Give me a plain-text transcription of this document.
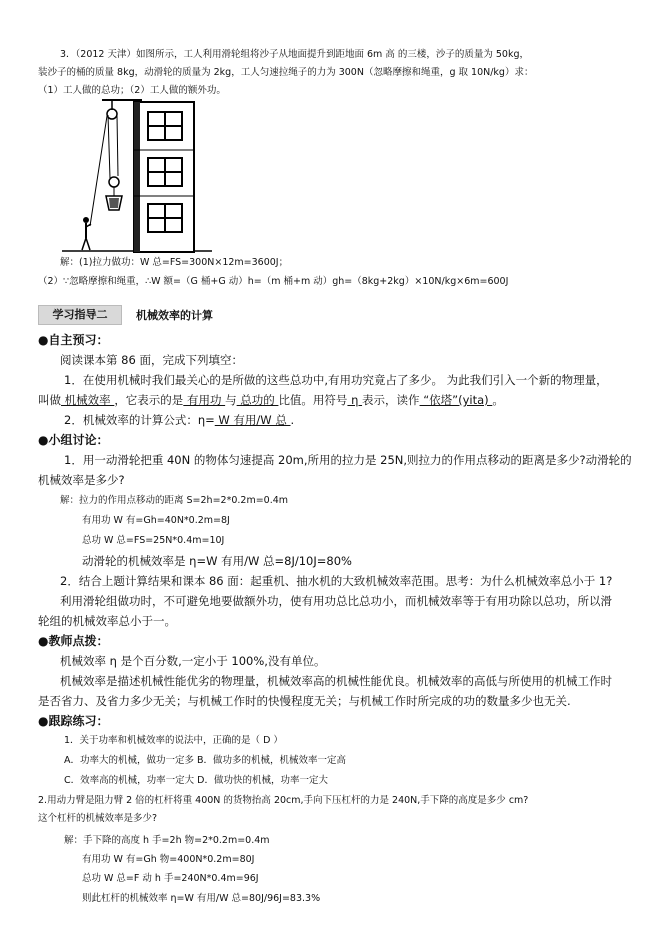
3．（2012 天津）如图所示，工人利用滑轮组将沙子从地面提升到距地面 6m 高 的三楼，沙子的质量为 50kg，
装沙子的桶的质量 8kg，动滑轮的质量为 2kg，工人匀速拉绳子的力为 300N（忽略摩擦和绳重，g 取 10N/kg）求：
（1）工人做的总功；（2）工人做的额外功。
解：(1)拉力做功：W 总=FS=300N×12m=3600J；
（2）∵忽略摩擦和绳重，∴W 额=（G 桶+G 动）h=（m 桶+m 动）gh=（8kg+2kg）×10N/kg×6m=600J
学习指导二	机械效率的计算
●自主预习：
阅读课本第 86 面，完成下列填空：
1．在使用机械时我们最关心的是所做的这些总功中,有用功究竟占了多少。 为此我们引入一个新的物理量，
叫做 机械效率 ，它表示的是 有用功 与 总功的 比值。用符号 η 表示，读作 “依塔”(yita) 。
2．机械效率的计算公式：η= W 有用/W 总 .
●小组讨论：
1．用一动滑轮把重 40N 的物体匀速提高 20m,所用的拉力是 25N,则拉力的作用点移动的距离是多少?动滑轮的
机械效率是多少?
解：拉力的作用点移动的距离 S=2h=2*0.2m=0.4m
有用功 W 有=Gh=40N*0.2m=8J
总功 W 总=FS=25N*0.4m=10J
动滑轮的机械效率是 η=W 有用/W 总=8J/10J=80%
2．结合上题计算结果和课本 86 面：起重机、抽水机的大致机械效率范围。思考：为什么机械效率总小于 1?
利用滑轮组做功时，不可避免地要做额外功，使有用功总比总功小，而机械效率等于有用功除以总功，所以滑
轮组的机械效率总小于一。
●教师点拨：
机械效率 η 是个百分数,一定小于 100%,没有单位。
机械效率是描述机械性能优劣的物理量，机械效率高的机械性能优良。机械效率的高低与所使用的机械工作时
是否省力、及省力多少无关；与机械工作时的快慢程度无关；与机械工作时所完成的功的数量多少也无关.
●跟踪练习：
1．关于功率和机械效率的说法中，正确的是（ D ）
A．功率大的机械，做功一定多 B．做功多的机械，机械效率一定高
C．效率高的机械，功率一定大 D．做功快的机械，功率一定大
2.用动力臂是阻力臂 2 倍的杠杆将重 400N 的货物抬高 20cm,手向下压杠杆的力是 240N,手下降的高度是多少 cm?
这个杠杆的机械效率是多少?
解：手下降的高度 h 手=2h 物=2*0.2m=0.4m
有用功 W 有=Gh 物=400N*0.2m=80J
总功 W 总=F 动 h 手=240N*0.4m=96J
则此杠杆的机械效率 η=W 有用/W 总=80J/96J=83.3%
